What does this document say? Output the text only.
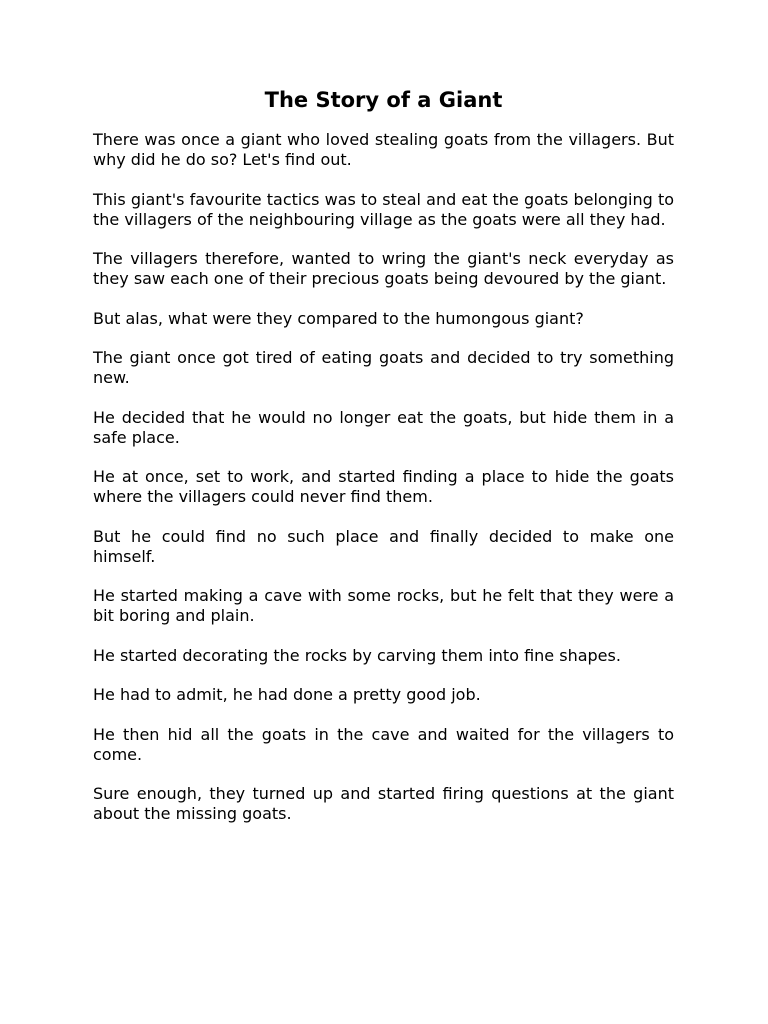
The Story of a Giant

There was once a giant who loved stealing goats from the villagers. But why did he do so? Let's find out.

This giant's favourite tactics was to steal and eat the goats belonging to the villagers of the neighbouring village as the goats were all they had.

The villagers therefore, wanted to wring the giant's neck everyday as they saw each one of their precious goats being devoured by the giant.

But alas, what were they compared to the humongous giant?

The giant once got tired of eating goats and decided to try something new.

He decided that he would no longer eat the goats, but hide them in a safe place.

He at once, set to work, and started finding a place to hide the goats where the villagers could never find them.

But he could find no such place and finally decided to make one himself.

He started making a cave with some rocks, but he felt that they were a bit boring and plain.

He started decorating the rocks by carving them into fine shapes.

He had to admit, he had done a pretty good job.

He then hid all the goats in the cave and waited for the villagers to come.

Sure enough, they turned up and started firing questions at the giant about the missing goats.
